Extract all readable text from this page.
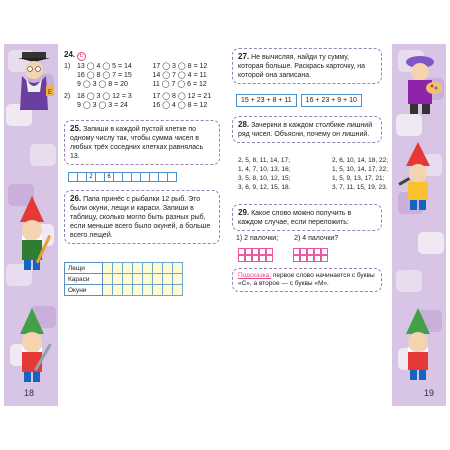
18
Е
24. Е
1) 13 ◯ 4 ◯ 5 = 14
16 ◯ 8 ◯ 7 = 15
9 ◯ 3 ◯ 8 = 20
17 ◯ 3 ◯ 8 = 12
14 ◯ 7 ◯ 4 = 11
11 ◯ 7 ◯ 6 = 12
2) 18 ◯ 3 ◯ 12 = 3
9 ◯ 3 ◯ 3 = 24
17 ◯ 8 ◯ 12 = 21
16 ◯ 4 ◯ 8 = 12
25. Запиши в каждой пустой клетке по одному числу так, чтобы сумма чисел в любых трёх соседних клетках равнялась 13.
2	6
26. Папа принёс с рыбалки 12 рыб. Это были окуни, лещи и караси. Запиши в таблицу, сколько могло быть разных рыб, если меньше всего было окуней, а больше всего лещей.
Лещи								
Караси								
Окуни								
19
27. Не вычисляя, найди ту сумму, которая больше. Раскрась карточку, на которой она записана.
15 + 23 + 8 + 11	16 + 23 + 9 + 10
28. Зачеркни в каждом столбике лишний ряд чисел. Объясни, почему он лишний.
2, 5, 8, 11, 14, 17;
1, 4, 7, 10, 13, 16;
3, 5, 8, 10, 12, 15;
3, 6, 9, 12, 15, 18.
2, 6, 10, 14, 18, 22;
1, 5, 10, 14, 17, 22;
1, 5, 9, 13, 17, 21;
3, 7, 11, 15, 19, 23.
29. Какое слово можно получить в каждом случае, если переложить:
1) 2 палочки; 2) 4 палочки?
Подсказка: первое слово начинается с буквы «С», а второе — с буквы «М».
